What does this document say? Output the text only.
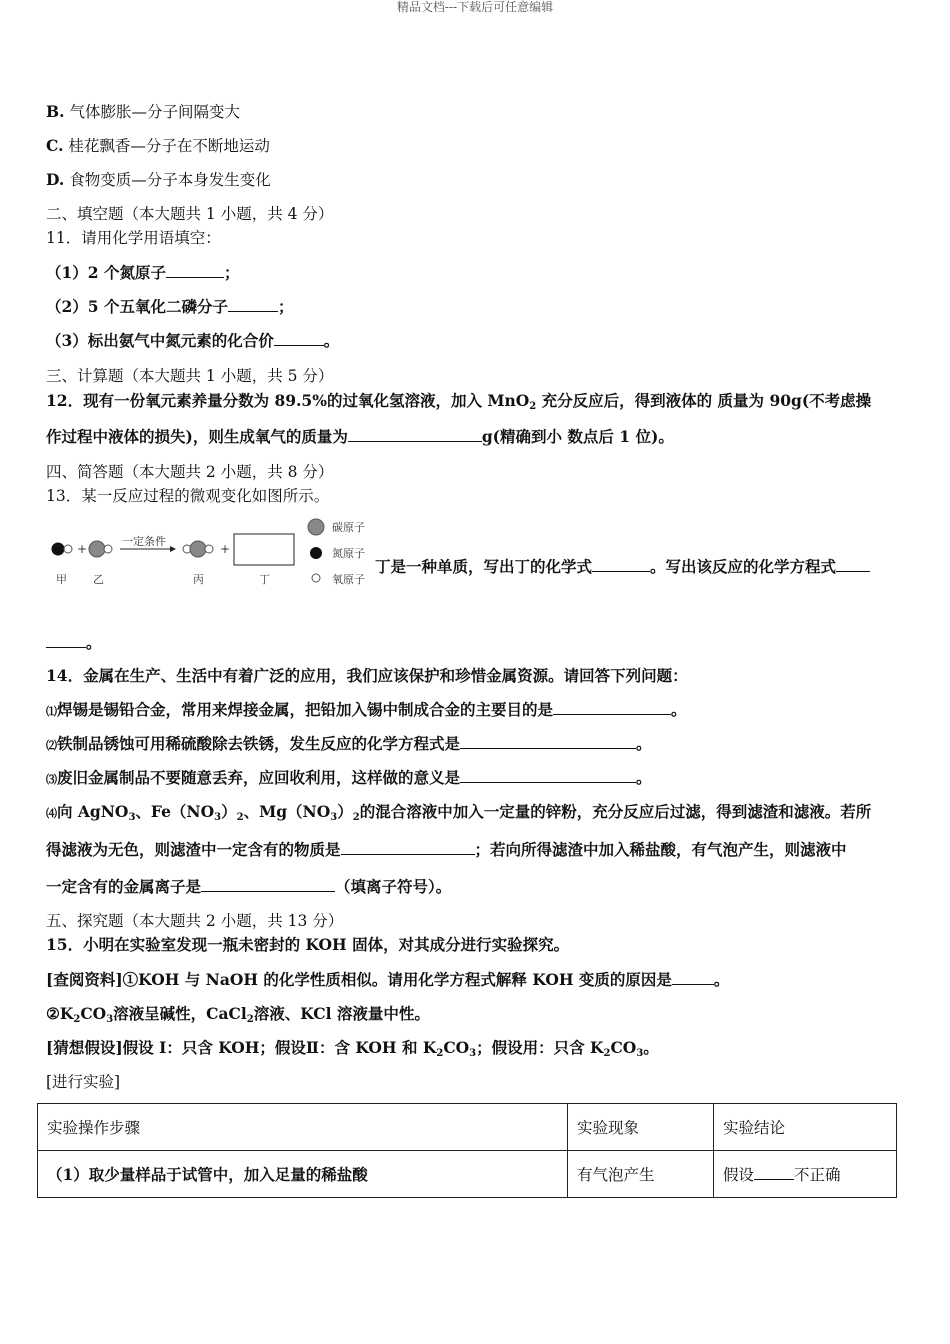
精品文档---下载后可任意编辑
B. 气体膨胀—分子间隔变大
C. 桂花飘香—分子在不断地运动
D. 食物变质—分子本身发生变化
二、填空题（本大题共 1 小题，共 4 分）
11．请用化学用语填空：
（1）2 个氮原子	；
（2）5 个五氧化二磷分子	；
（3）标出氨气中氮元素的化合价	。
三、计算题（本大题共 1 小题，共 5 分）
12．现有一份氧元素养量分数为 89.5%的过氧化氢溶液，加入 MnO$_2$ 充分反应后，得到液体的 质量为 90g(不考虑操
作过程中液体的损失)，则生成氧气的质量为	g(精确到小 数点后 1 位)。
四、简答题（本大题共 2 小题，共 8 分）
13．某一反应过程的微观变化如图所示。
+	+
一定条件
甲 乙	丙	丁
碳原子
氮原子
氧原子
丁是一种单质，写出丁的化学式	。写出该反应的化学方程式
。
14．金属在生产、生活中有着广泛的应用，我们应该保护和珍惜金属资源。请回答下列问题：
⑴焊锡是锡铅合金，常用来焊接金属，把铅加入锡中制成合金的主要目的是	。
⑵铁制品锈蚀可用稀硫酸除去铁锈，发生反应的化学方程式是	。
⑶废旧金属制品不要随意丢弃，应回收利用，这样做的意义是	。
⑷向 AgNO$_3$、$Fe(NO_3)_2$、$Mg(NO_3)_2$的混合溶液中加入一定量的锌粉，充分反应后过滤，得到滤渣和滤液。若所
得滤液为无色，则滤渣中一定含有的物质是	；若向所得滤渣中加入稀盐酸，有气泡产生，则滤液中
一定含有的金属离子是	（填离子符号）。
五、探究题（本大题共 2 小题，共 13 分）
15．小明在实验室发现一瓶未密封的 KOH 固体，对其成分进行实验探究。
[查阅资料]①KOH 与 NaOH 的化学性质相似。请用化学方程式解释 KOH 变质的原因是	。
$②K_2CO_3$溶液呈碱性，CaCl$_2$溶液、KCl 溶液量中性。
[猜想假设]假设 I：只含 KOH；假设Ⅱ：含 KOH 和 $K_2CO_3$；假设用：只含 $K_2CO_3$。
[进行实验]
实验操作步骤	实验现象	实验结论
（1）取少量样品于试管中，加入足量的稀盐酸	有气泡产生	假设 不正确
